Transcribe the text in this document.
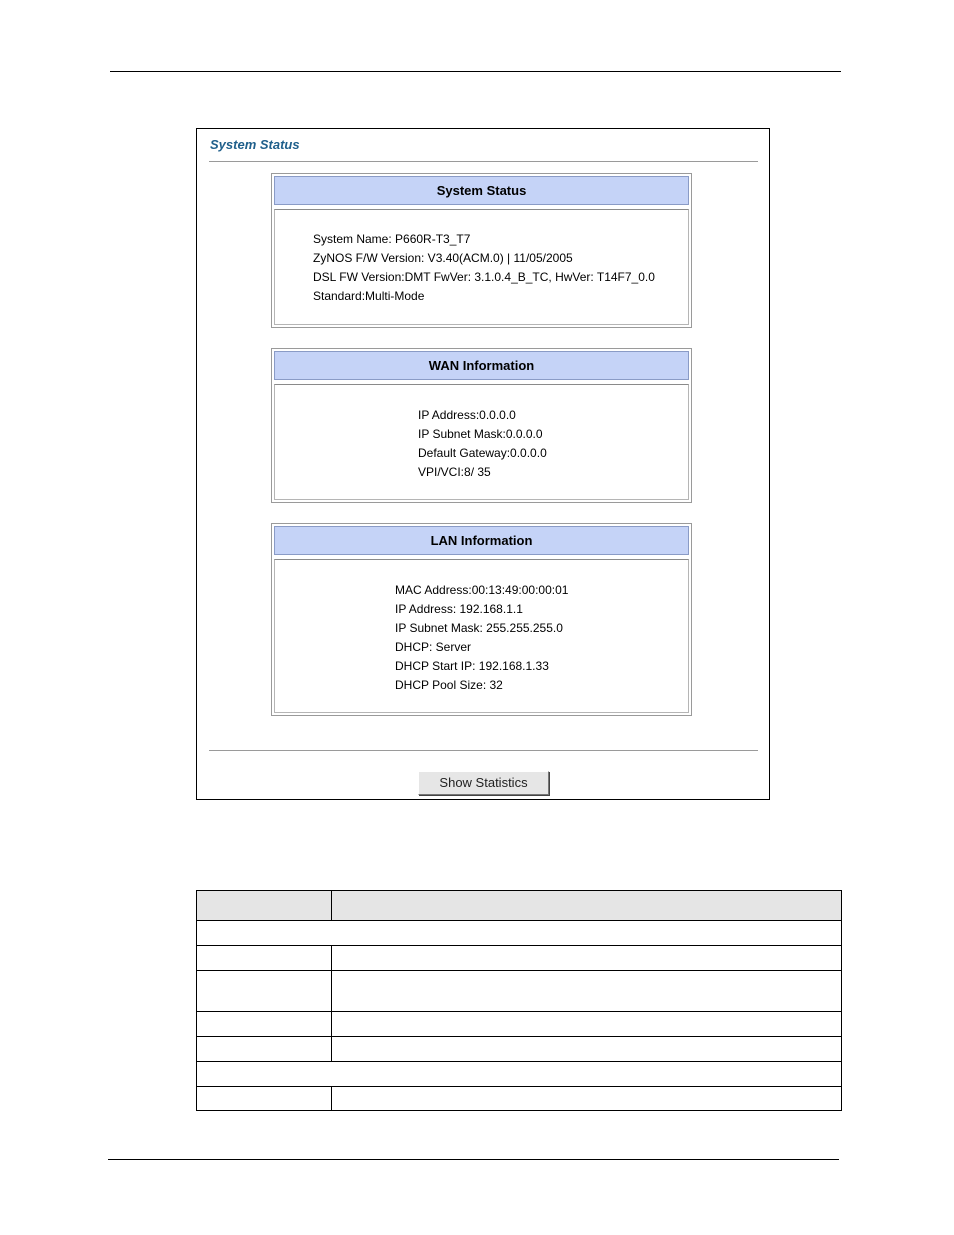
System Status
System Status
System Name: P660R-T3_T7
ZyNOS F/W Version: V3.40(ACM.0) | 11/05/2005
DSL FW Version:DMT FwVer: 3.1.0.4_B_TC, HwVer: T14F7_0.0
Standard:Multi-Mode
WAN Information
IP Address:0.0.0.0
IP Subnet Mask:0.0.0.0
Default Gateway:0.0.0.0
VPI/VCI:8/ 35
LAN Information
MAC Address:00:13:49:00:00:01
IP Address: 192.168.1.1
IP Subnet Mask: 255.255.255.0
DHCP: Server
DHCP Start IP: 192.168.1.33
DHCP Pool Size: 32
Show Statistics
